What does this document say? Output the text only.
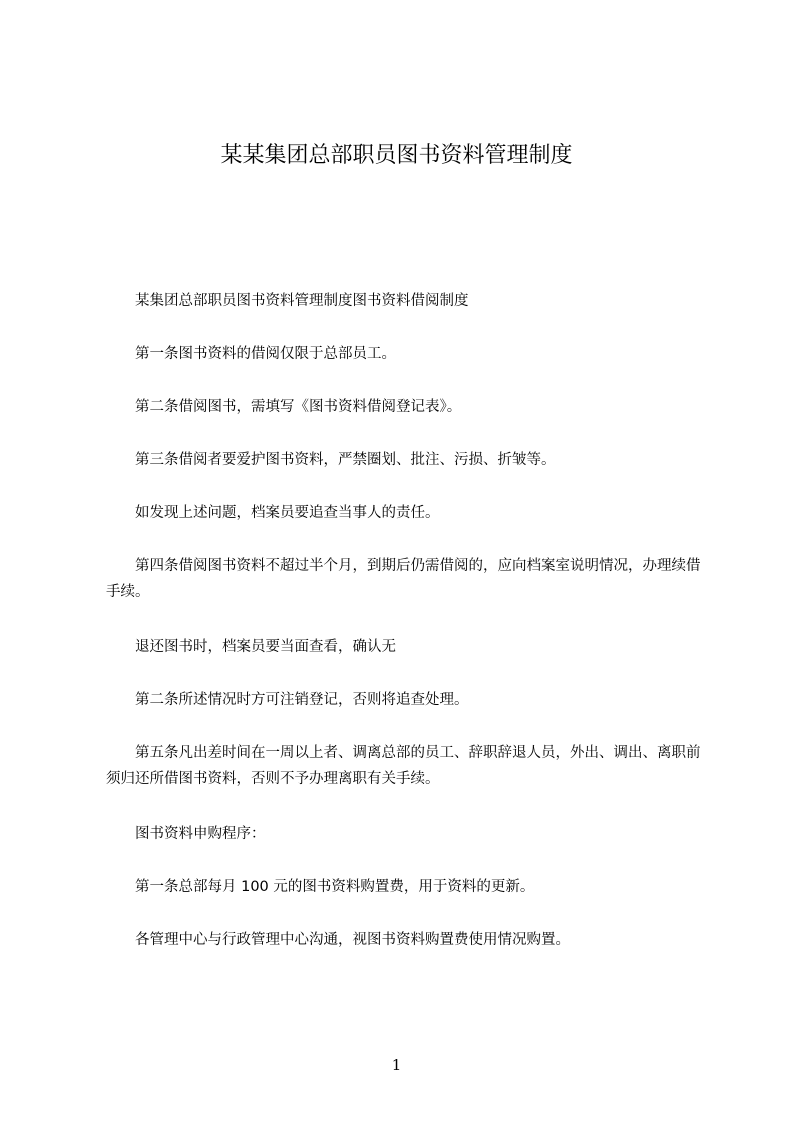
某某集团总部职员图书资料管理制度

某集团总部职员图书资料管理制度图书资料借阅制度

第一条图书资料的借阅仅限于总部员工。

第二条借阅图书，需填写《图书资料借阅登记表》。

第三条借阅者要爱护图书资料，严禁圈划、批注、污损、折皱等。

如发现上述问题，档案员要追查当事人的责任。

第四条借阅图书资料不超过半个月，到期后仍需借阅的，应向档案室说明情况，办理续借手续。

退还图书时，档案员要当面查看，确认无

第二条所述情况时方可注销登记，否则将追查处理。

第五条凡出差时间在一周以上者、调离总部的员工、辞职辞退人员，外出、调出、离职前须归还所借图书资料，否则不予办理离职有关手续。

图书资料申购程序：

第一条总部每月 100 元的图书资料购置费，用于资料的更新。

各管理中心与行政管理中心沟通，视图书资料购置费使用情况购置。

1
